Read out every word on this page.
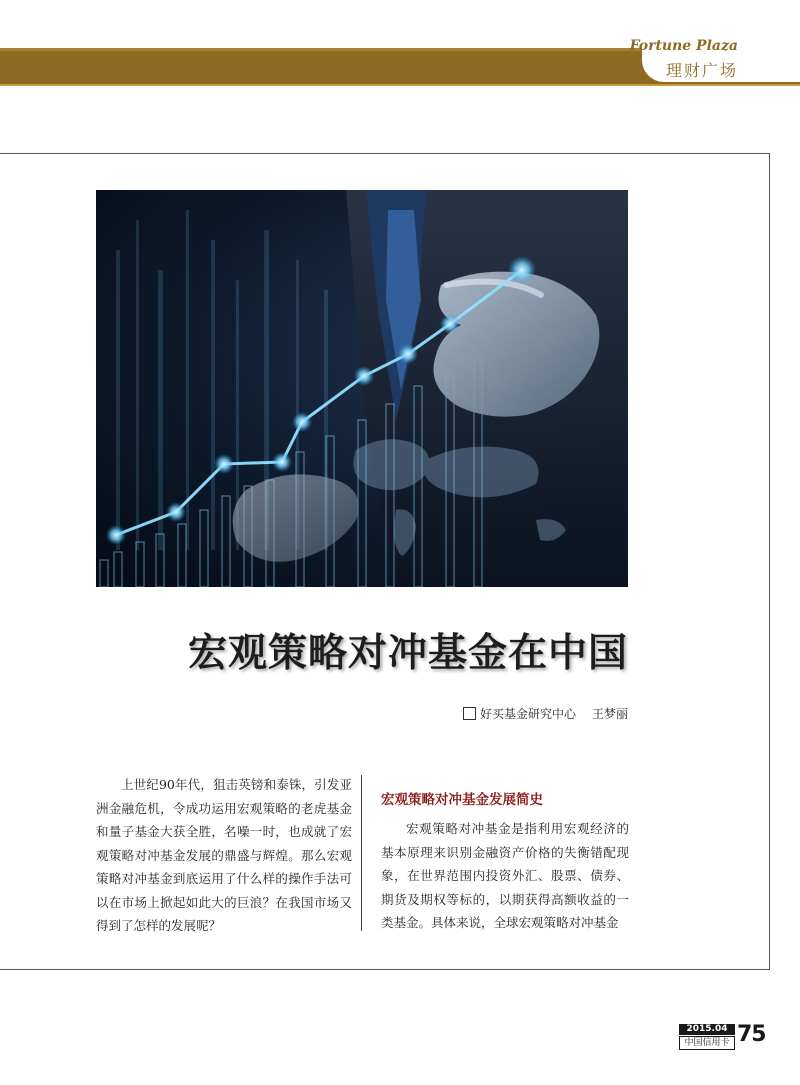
Fortune Plaza
理财广场
宏观策略对冲基金在中国
好买基金研究中心 王梦丽

上世纪90年代，狙击英镑和泰铢，引发亚洲金融危机，令成功运用宏观策略的老虎基金和量子基金大获全胜，名噪一时，也成就了宏观策略对冲基金发展的鼎盛与辉煌。那么宏观策略对冲基金到底运用了什么样的操作手法可以在市场上掀起如此大的巨浪？在我国市场又得到了怎样的发展呢？

宏观策略对冲基金发展简史

宏观策略对冲基金是指利用宏观经济的基本原理来识别金融资产价格的失衡错配现象，在世界范围内投资外汇、股票、债券、期货及期权等标的，以期获得高额收益的一类基金。具体来说，全球宏观策略对冲基金

2015.04
中国信用卡 75
